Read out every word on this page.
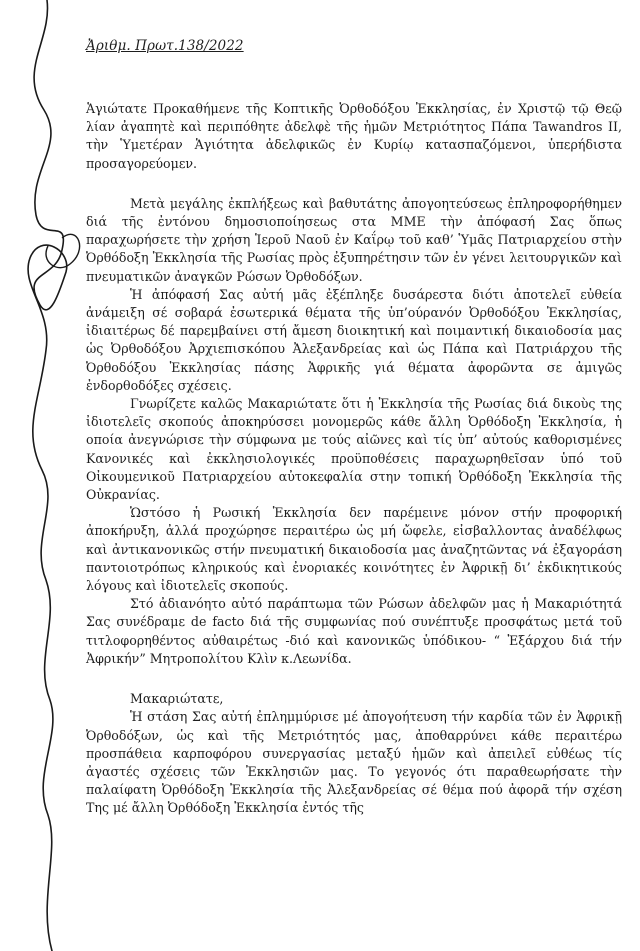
Ἀριθμ. Πρωτ.138/2022

Ἁγιώτατε Προκαθήμενε τῆς Κοπτικῆς Ὀρθοδόξου Ἐκκλησίας, ἐν Χριστῷ τῷ Θεῷ λίαν ἀγαπητὲ καὶ περιπόθητε ἀδελφὲ τῆς ἡμῶν Μετριότητος Πάπα Tawandros II, τὴν Ὑμετέραν Ἁγιότητα ἀδελφικῶς ἐν Κυρίῳ κατασπαζόμενοι, ὑπερήδιστα προσαγορεύομεν.

Μετὰ μεγάλης ἐκπλήξεως καὶ βαθυτάτης ἀπογοητεύσεως ἐπληροφορήθημεν διά τῆς ἐντόνου δημοσιοποίησεως στα ΜΜΕ τὴν ἀπόφασή Σας ὅπως παραχωρήσετε τὴν χρήση Ἱεροῦ Ναοῦ ἐν Καΐρῳ τοῦ καθ’ Ὑμᾶς Πατριαρχείου στὴν Ὀρθόδοξη Ἐκκλησία τῆς Ρωσίας πρὸς ἐξυπηρέτησιν τῶν ἐν γένει λειτουργικῶν καὶ πνευματικῶν ἀναγκῶν Ρώσων Ὀρθοδόξων.

Ἡ ἀπόφασή Σας αὐτή μᾶς ἐξέπληξε δυσάρεστα διότι ἀποτελεῖ εὐθεία ἀνάμειξη σέ σοβαρά ἐσωτερικά θέματα τῆς ὑπ’ούρανόν Ὀρθοδόξου Ἐκκλησίας, ἰδιαιτέρως δέ παρεμβαίνει στή ἄμεση διοικητική καὶ ποιμαντική δικαιοδοσία μας ὡς Ὀρθοδόξου Ἀρχιεπισκόπου Ἀλεξανδρείας καὶ ὡς Πάπα καὶ Πατριάρχου τῆς Ὀρθοδόξου Ἐκκλησίας πάσης Ἀφρικῆς γιά θέματα ἀφορῶντα σε ἀμιγῶς ἐνδορθοδόξες σχέσεις.

Γνωρίζετε καλῶς Μακαριώτατε ὅτι ἡ Ἐκκλησία τῆς Ρωσίας διά δικοὺς της ἰδιοτελεῖς σκοπούς ἀποκηρύσσει μονομερῶς κάθε ἄλλη Ὀρθόδοξη Ἐκκλησία, ἡ οποία ἀνεγνώρισε τὴν σύμφωνα με τούς αἰῶνες καὶ τίς ὑπ’ αὐτούς καθορισμένες Κανονικές καὶ ἐκκλησιολογικές προϋποθέσεις παραχωρηθεῖσαν ὑπό τοῦ Οἰκουμενικοῦ Πατριαρχείου αὐτοκεφαλία στην τοπική Ὀρθόδοξη Ἐκκλησία τῆς Οὐκρανίας.

Ὡστόσο ἡ Ρωσική Ἐκκλησία δεν παρέμεινε μόνον στήν προφορική ἀποκήρυξη, ἀλλά προχώρησε περαιτέρω ὡς μή ὤφελε, εἰσβαλλοντας ἀναδέλφως καὶ ἀντικανονικῶς στήν πνευματική δικαιοδοσία μας ἀναζητῶντας νά ἐξαγοράση παντοιοτρόπως κληρικούς καὶ ἐνοριακές κοινότητες ἐν Ἀφρικῇ δι’ ἐκδικητικούς λόγους καὶ ἰδιοτελεῖς σκοπούς.

Στό ἀδιανόητο αὐτό παράπτωμα τῶν Ρώσων ἀδελφῶν μας ἡ Μακαριότητά Σας συνέδραμε de facto διά τῆς συμφωνίας πού συνέπτυξε προσφάτως μετά τοῦ τιτλοφορηθέντος αὐθαιρέτως -διό καὶ κανονικῶς ὑπόδικου- “ Ἐξάρχου διά τήν Ἀφρικήν” Μητροπολίτου Κλὶν κ.Λεωνίδα.

Μακαριώτατε,

Ἡ στάση Σας αὐτή ἐπλημμύρισε μέ ἀπογοήτευση τήν καρδία τῶν ἐν Ἀφρικῇ Ὀρθοδόξων, ὡς καὶ τῆς Μετριότητός μας, ἀποθαρρύνει κάθε περαιτέρω προσπάθεια καρποφόρου συνεργασίας μεταξύ ἡμῶν καὶ ἀπειλεῖ εὐθέως τίς ἀγαστές σχέσεις τῶν Ἐκκλησιῶν μας. Το γεγονός ότι παραθεωρήσατε τὴν παλαίφατη Ὀρθόδοξη Ἐκκλησία τῆς Ἀλεξανδρείας σέ θέμα πού ἀφορᾶ τήν σχέση Της μέ ἄλλη Ὀρθόδοξη Ἐκκλησία ἐντός τῆς
